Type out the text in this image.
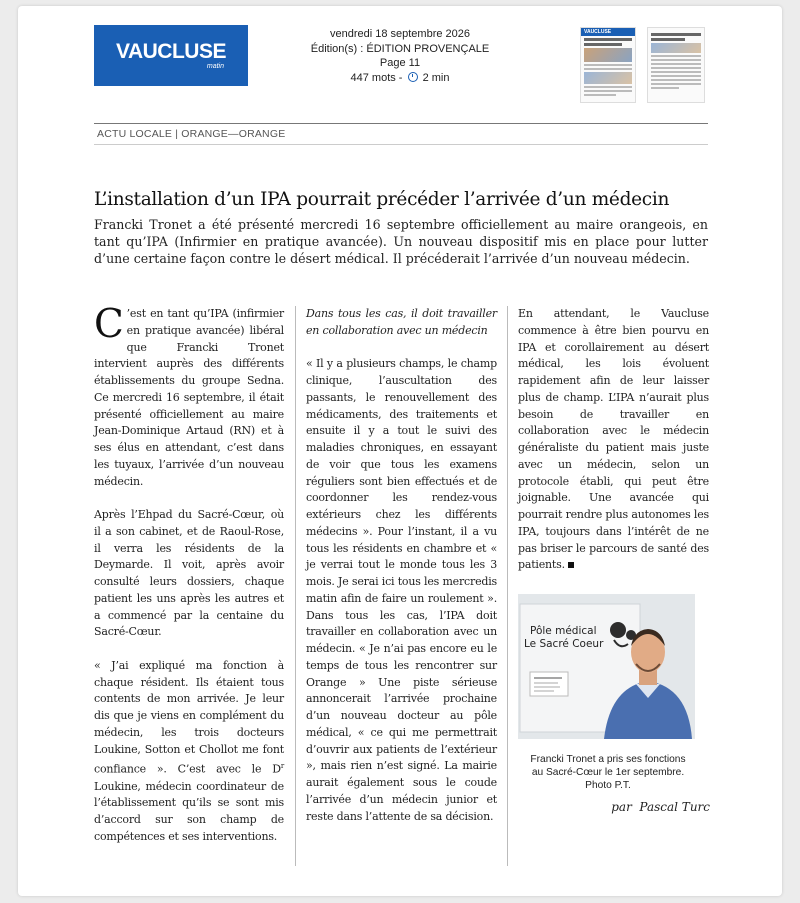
VAUCLUSE
matin
vendredi 18 septembre 2026
Édition(s) : ÉDITION PROVENÇALE
Page 11
447 mots - 2 min
VAUCLUSE
ACTU LOCALE | ORANGE—ORANGE
L’installation d’un IPA pourrait précéder l’arrivée d’un médecin

Francki Tronet a été présenté mercredi 16 septembre officiellement au maire orangeois, en tant qu’IPA (Infirmier en pratique avancée). Un nouveau dispositif mis en place pour lutter d’une certaine façon contre le désert médical. Il précéderait l’arrivée d’un nouveau médecin.

C ’est en tant qu’IPA (infirmier en pratique avancée) libéral que Francki Tronet intervient auprès des différents établissements du groupe Sedna. Ce mercredi 16 septembre, il était présenté officiellement au maire Jean-Dominique Artaud (RN) et à ses élus en attendant, c’est dans les tuyaux, l’arrivée d’un nouveau médecin.

Après l’Ehpad du Sacré-Cœur, où il a son cabinet, et de Raoul-Rose, il verra les résidents de la Deymarde. Il voit, après avoir consulté leurs dossiers, chaque patient les uns après les autres et a commencé par la centaine du Sacré-Cœur.

« J’ai expliqué ma fonction à chaque résident. Ils étaient tous contents de mon arrivée. Je leur dis que je viens en complément du médecin, les trois docteurs Loukine, Sotton et Chollot me font confiance ». C’est avec le $D^r$ Loukine, médecin coordinateur de l’établissement qu’ils se sont mis d’accord sur son champ de compétences et ses interventions.

Dans tous les cas, il doit travailler en collaboration avec un médecin

« Il y a plusieurs champs, le champ clinique, l’auscultation des passants, le renouvellement des médicaments, des traitements et ensuite il y a tout le suivi des maladies chroniques, en essayant de voir que tous les examens réguliers sont bien effectués et de coordonner les rendez-vous extérieurs chez les différents médecins ». Pour l’instant, il a vu tous les résidents en chambre et « je verrai tout le monde tous les 3 mois. Je serai ici tous les mercredis matin afin de faire un roulement ». Dans tous les cas, l’IPA doit travailler en collaboration avec un médecin. « Je n’ai pas encore eu le temps de tous les rencontrer sur Orange » Une piste sérieuse annoncerait l’arrivée prochaine d’un nouveau docteur au pôle médical, « ce qui me permettrait d’ouvrir aux patients de l’extérieur », mais rien n’est signé. La mairie aurait également sous le coude l’arrivée d’un médecin junior et reste dans l’attente de sa décision.

En attendant, le Vaucluse commence à être bien pourvu en IPA et corollairement au désert médical, les lois évoluent rapidement afin de leur laisser plus de champ. L’IPA n’aurait plus besoin de travailler en collaboration avec le médecin généraliste du patient mais juste avec un médecin, selon un protocole établi, qui peut être joignable. Une avancée qui pourrait rendre plus autonomes les IPA, toujours dans l’intérêt de ne pas briser le parcours de santé des patients.

Pôle médical
Le Sacré Coeur
Francki Tronet a pris ses fonctions
au Sacré-Cœur le 1er septembre.
Photo P.T.
par  Pascal Turc
